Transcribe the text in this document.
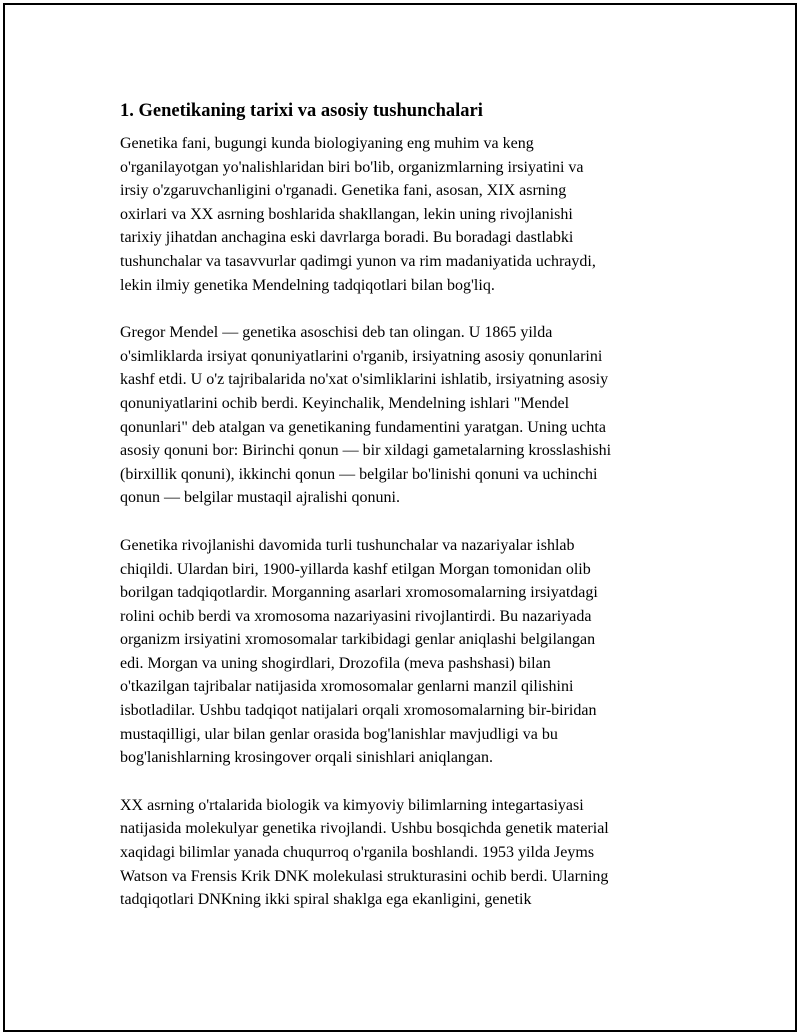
1. Genetikaning tarixi va asosiy tushunchalari

Genetika fani, bugungi kunda biologiyaning eng muhim va keng
o'rganilayotgan yo'nalishlaridan biri bo'lib, organizmlarning irsiyatini va
irsiy o'zgaruvchanligini o'rganadi. Genetika fani, asosan, XIX asrning
oxirlari va XX asrning boshlarida shakllangan, lekin uning rivojlanishi
tarixiy jihatdan anchagina eski davrlarga boradi. Bu boradagi dastlabki
tushunchalar va tasavvurlar qadimgi yunon va rim madaniyatida uchraydi,
lekin ilmiy genetika Mendelning tadqiqotlari bilan bog'liq.

Gregor Mendel — genetika asoschisi deb tan olingan. U 1865 yilda
o'simliklarda irsiyat qonuniyatlarini o'rganib, irsiyatning asosiy qonunlarini
kashf etdi. U o'z tajribalarida no'xat o'simliklarini ishlatib, irsiyatning asosiy
qonuniyatlarini ochib berdi. Keyinchalik, Mendelning ishlari "Mendel
qonunlari" deb atalgan va genetikaning fundamentini yaratgan. Uning uchta
asosiy qonuni bor: Birinchi qonun — bir xildagi gametalarning krosslashishi
(birxillik qonuni), ikkinchi qonun — belgilar bo'linishi qonuni va uchinchi
qonun — belgilar mustaqil ajralishi qonuni.

Genetika rivojlanishi davomida turli tushunchalar va nazariyalar ishlab
chiqildi. Ulardan biri, 1900-yillarda kashf etilgan Morgan tomonidan olib
borilgan tadqiqotlardir. Morganning asarlari xromosomalarning irsiyatdagi
rolini ochib berdi va xromosoma nazariyasini rivojlantirdi. Bu nazariyada
organizm irsiyatini xromosomalar tarkibidagi genlar aniqlashi belgilangan
edi. Morgan va uning shogirdlari, Drozofila (meva pashshasi) bilan
o'tkazilgan tajribalar natijasida xromosomalar genlarni manzil qilishini
isbotladilar. Ushbu tadqiqot natijalari orqali xromosomalarning bir-biridan
mustaqilligi, ular bilan genlar orasida bog'lanishlar mavjudligi va bu
bog'lanishlarning krosingover orqali sinishlari aniqlangan.

XX asrning o'rtalarida biologik va kimyoviy bilimlarning integartasiyasi
natijasida molekulyar genetika rivojlandi. Ushbu bosqichda genetik material
xaqidagi bilimlar yanada chuqurroq o'rganila boshlandi. 1953 yilda Jeyms
Watson va Frensis Krik DNK molekulasi strukturasini ochib berdi. Ularning
tadqiqotlari DNKning ikki spiral shaklga ega ekanligini, genetik
